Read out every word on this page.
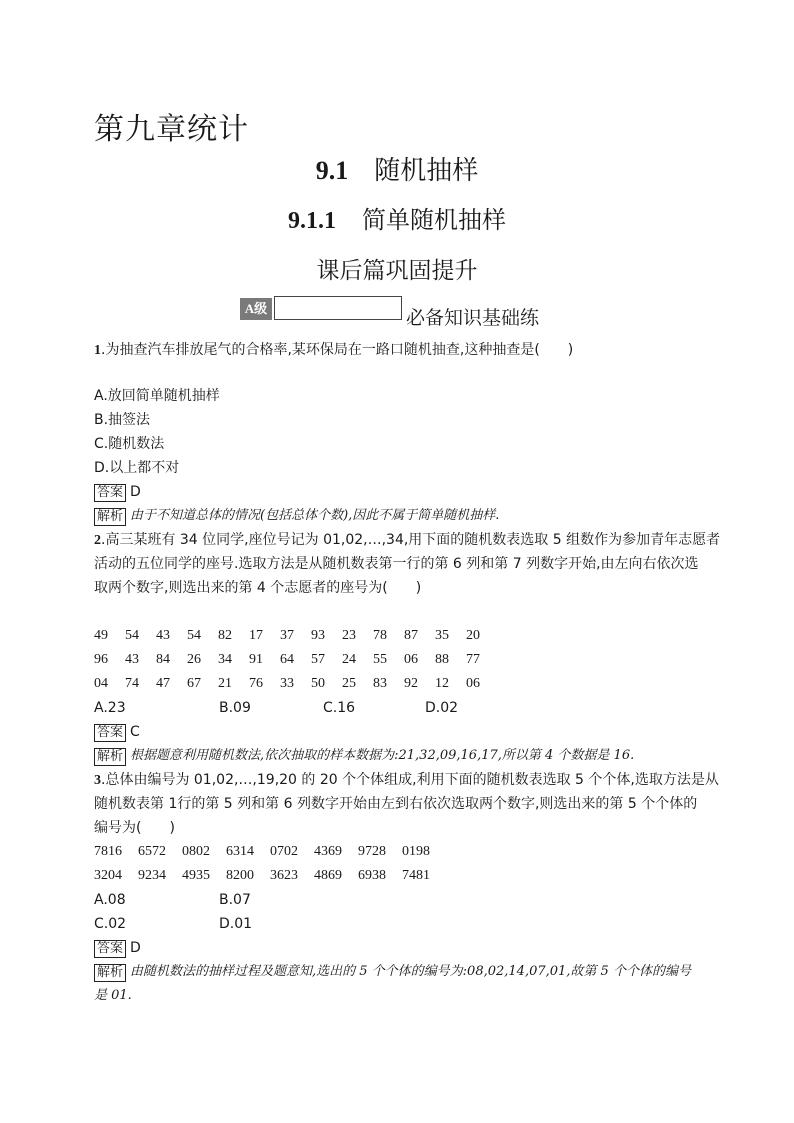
第九章统计
9.1 随机抽样
9.1.1 简单随机抽样
课后篇巩固提升
A级	必备知识基础练
1.为抽查汽车排放尾气的合格率,某环保局在一路口随机抽查,这种抽查是(　　)
A.放回简单随机抽样
B.抽签法
C.随机数法
D.以上都不对
答案 D
解析 由于不知道总体的情况(包括总体个数),因此不属于简单随机抽样.
2.高三某班有 34 位同学,座位号记为 01,02,…,34,用下面的随机数表选取 5 组数作为参加青年志愿者
活动的五位同学的座号.选取方法是从随机数表第一行的第 6 列和第 7 列数字开始,由左向右依次选
取两个数字,则选出来的第 4 个志愿者的座号为(　　)
49 54 43 54 82 17 37 93 23 78 87 35 20
96 43 84 26 34 91 64 57 24 55 06 88 77
04 74 47 67 21 76 33 50 25 83 92 12 06
A.23	B.09	C.16	D.02
答案 C
解析 根据题意利用随机数法,依次抽取的样本数据为:21,32,09,16,17,所以第 4 个数据是 16.
3.总体由编号为 01,02,…,19,20 的 20 个个体组成,利用下面的随机数表选取 5 个个体,选取方法是从
随机数表第 1行的第 5 列和第 6 列数字开始由左到右依次选取两个数字,则选出来的第 5 个个体的
编号为(　　)
7816 6572 0802 6314 0702 4369 9728 0198
3204 9234 4935 8200 3623 4869 6938 7481
A.08	B.07
C.02	D.01
答案 D
解析 由随机数法的抽样过程及题意知,选出的 5 个个体的编号为:08,02,14,07,01,故第 5 个个体的编号
是 01.
